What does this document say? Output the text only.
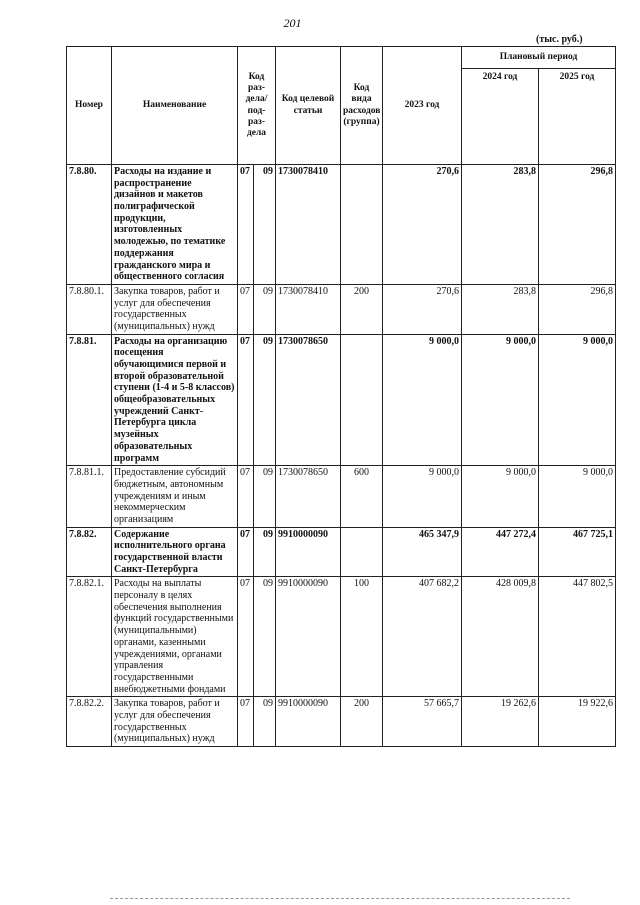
201
(тыс. руб.)
Номер	Наименование	Код раз-дела/ под-раз-дела		Код целевой статьи	Код вида расходов (группа)	2023 год	Плановый период	
							2024 год	2025 год
7.8.80.	Расходы на издание и распространение дизайнов и макетов полиграфической продукции, изготовленных молодежью, по тематике поддержания гражданского мира и общественного согласия	07	09	1730078410		270,6	283,8	296,8
7.8.80.1.	Закупка товаров, работ и услуг для обеспечения государственных (муниципальных) нужд	07	09	1730078410	200	270,6	283,8	296,8
7.8.81.	Расходы на организацию посещения обучающимися первой и второй образовательной ступени (1-4 и 5-8 классов) общеобразовательных учреждений Санкт-Петербурга цикла музейных образовательных программ	07	09	1730078650		9 000,0	9 000,0	9 000,0
7.8.81.1.	Предоставление субсидий бюджетным, автономным учреждениям и иным некоммерческим организациям	07	09	1730078650	600	9 000,0	9 000,0	9 000,0
7.8.82.	Содержание исполнительного органа государственной власти Санкт-Петербурга	07	09	9910000090		465 347,9	447 272,4	467 725,1
7.8.82.1.	Расходы на выплаты персоналу в целях обеспечения выполнения функций государственными (муниципальными) органами, казенными учреждениями, органами управления государственными внебюджетными фондами	07	09	9910000090	100	407 682,2	428 009,8	447 802,5
7.8.82.2.	Закупка товаров, работ и услуг для обеспечения государственных (муниципальных) нужд	07	09	9910000090	200	57 665,7	19 262,6	19 922,6
